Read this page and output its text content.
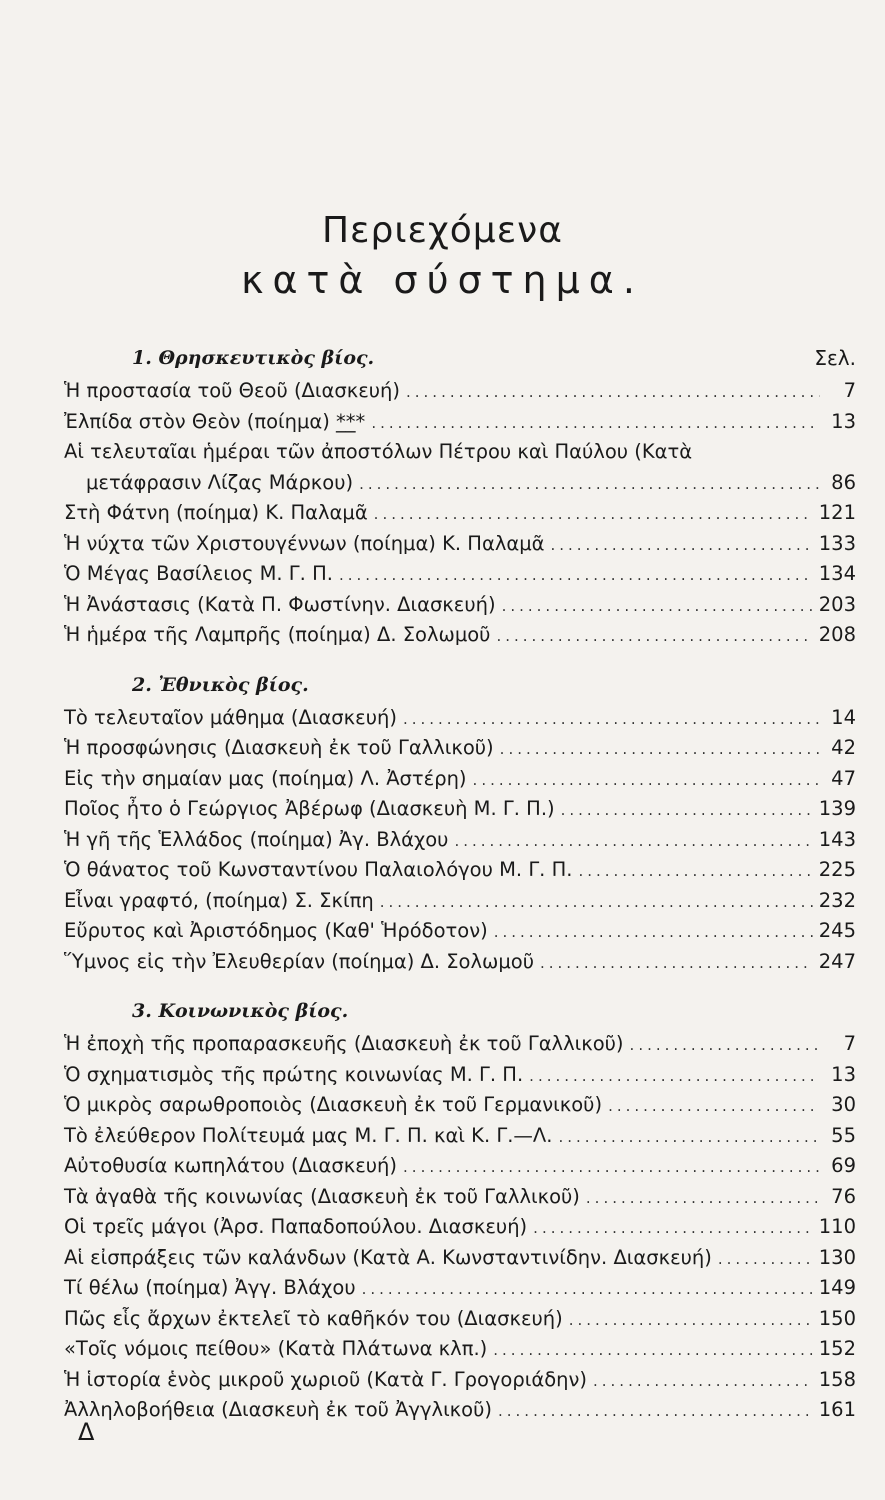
Περιεχόμενα
κατὰ σύστημα.
1. Θρησκευτικὸς βίος.	Σελ.
Ἡ προστασία τοῦ Θεοῦ (Διασκευή) .....	7
Ἐλπίδα στὸν Θεὸν (ποίημα) *̲*̲* .....	13
Αἱ τελευταῖαι ἡμέραι τῶν ἀποστόλων Πέτρου καὶ Παύλου (Κατὰ
μετάφρασιν Λίζας Μάρκου) .....	86
Στὴ Φάτνη (ποίημα) Κ. Παλαμᾶ .....	121
Ἡ νύχτα τῶν Χριστουγέννων (ποίημα) Κ. Παλαμᾶ .....	133
Ὁ Μέγας Βασίλειος Μ. Γ. Π. .....	134
Ἡ Ἀνάστασις (Κατὰ Π. Φωστίνην. Διασκευή) .....	203
Ἡ ἡμέρα τῆς Λαμπρῆς (ποίημα) Δ. Σολωμοῦ .....	208
2. Ἐθνικὸς βίος.
Τὸ τελευταῖον μάθημα (Διασκευή) .....	14
Ἡ προσφώνησις (Διασκευὴ ἐκ τοῦ Γαλλικοῦ) .....	42
Εἰς τὴν σημαίαν μας (ποίημα) Λ. Ἀστέρη) .....	47
Ποῖος ἦτο ὁ Γεώργιος Ἀβέρωφ (Διασκευὴ Μ. Γ. Π.) .....	139
Ἡ γῆ τῆς Ἑλλάδος (ποίημα) Ἀγ. Βλάχου .....	143
Ὁ θάνατος τοῦ Κωνσταντίνου Παλαιολόγου Μ. Γ. Π. .....	225
Εἶναι γραφτό, (ποίημα) Σ. Σκίπη .....	232
Εὔρυτος καὶ Ἀριστόδημος (Καθ' Ἡρόδοτον) .....	245
Ὕμνος εἰς τὴν Ἐλευθερίαν (ποίημα) Δ. Σολωμοῦ .....	247
3. Κοινωνικὸς βίος.
Ἡ ἐποχὴ τῆς προπαρασκευῆς (Διασκευὴ ἐκ τοῦ Γαλλικοῦ) .....	7
Ὁ σχηματισμὸς τῆς πρώτης κοινωνίας Μ. Γ. Π. .....	13
Ὁ μικρὸς σαρωθροποιὸς (Διασκευὴ ἐκ τοῦ Γερμανικοῦ) .....	30
Τὸ ἐλεύθερον Πολίτευμά μας Μ. Γ. Π. καὶ Κ. Γ.—Λ. .....	55
Αὐτοθυσία κωπηλάτου (Διασκευή) .....	69
Τὰ ἀγαθὰ τῆς κοινωνίας (Διασκευὴ ἐκ τοῦ Γαλλικοῦ) .....	76
Οἱ τρεῖς μάγοι (Ἀρσ. Παπαδοπούλου. Διασκευή) .....	110
Αἱ εἰσπράξεις τῶν καλάνδων (Κατὰ Α. Κωνσταντινίδην. Διασκευή) .....	130
Τί θέλω (ποίημα) Ἀγγ. Βλάχου .....	149
Πῶς εἷς ἄρχων ἐκτελεῖ τὸ καθῆκόν του (Διασκευή) .....	150
«Τοῖς νόμοις πείθου» (Κατὰ Πλάτωνα κλπ.) .....	152
Ἡ ἱστορία ἑνὸς μικροῦ χωριοῦ (Κατὰ Γ. Γρογοριάδην) .....	158
Ἀλληλοβοήθεια (Διασκευὴ ἐκ τοῦ Ἀγγλικοῦ) .....	161
Δ
